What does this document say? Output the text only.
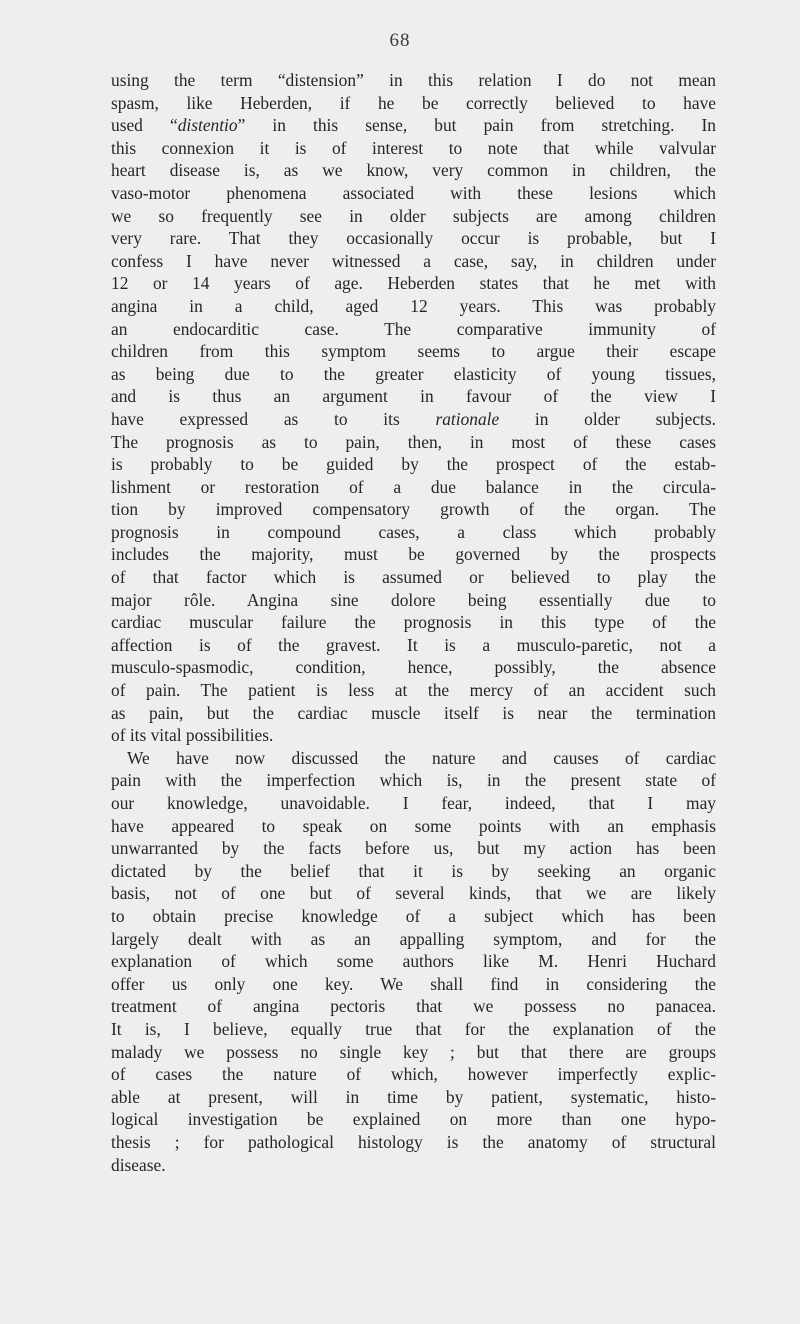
68
using the term “distension” in this relation I do not mean
spasm, like Heberden, if he be correctly believed to have
used “distentio” in this sense, but pain from stretching. In
this connexion it is of interest to note that while valvular
heart disease is, as we know, very common in children, the
vaso-motor phenomena associated with these lesions which
we so frequently see in older subjects are among children
very rare. That they occasionally occur is probable, but I
confess I have never witnessed a case, say, in children under
12 or 14 years of age. Heberden states that he met with
angina in a child, aged 12 years. This was probably
an endocarditic case. The comparative immunity of
children from this symptom seems to argue their escape
as being due to the greater elasticity of young tissues,
and is thus an argument in favour of the view I
have expressed as to its rationale in older subjects.
The prognosis as to pain, then, in most of these cases
is probably to be guided by the prospect of the estab-
lishment or restoration of a due balance in the circula-
tion by improved compensatory growth of the organ. The
prognosis in compound cases, a class which probably
includes the majority, must be governed by the prospects
of that factor which is assumed or believed to play the
major rôle. Angina sine dolore being essentially due to
cardiac muscular failure the prognosis in this type of the
affection is of the gravest. It is a musculo-paretic, not a
musculo-spasmodic, condition, hence, possibly, the absence
of pain. The patient is less at the mercy of an accident such
as pain, but the cardiac muscle itself is near the termination
of its vital possibilities.
We have now discussed the nature and causes of cardiac
pain with the imperfection which is, in the present state of
our knowledge, unavoidable. I fear, indeed, that I may
have appeared to speak on some points with an emphasis
unwarranted by the facts before us, but my action has been
dictated by the belief that it is by seeking an organic
basis, not of one but of several kinds, that we are likely
to obtain precise knowledge of a subject which has been
largely dealt with as an appalling symptom, and for the
explanation of which some authors like M. Henri Huchard
offer us only one key. We shall find in considering the
treatment of angina pectoris that we possess no panacea.
It is, I believe, equally true that for the explanation of the
malady we possess no single key ; but that there are groups
of cases the nature of which, however imperfectly explic-
able at present, will in time by patient, systematic, histo-
logical investigation be explained on more than one hypo-
thesis ; for pathological histology is the anatomy of structural
disease.
